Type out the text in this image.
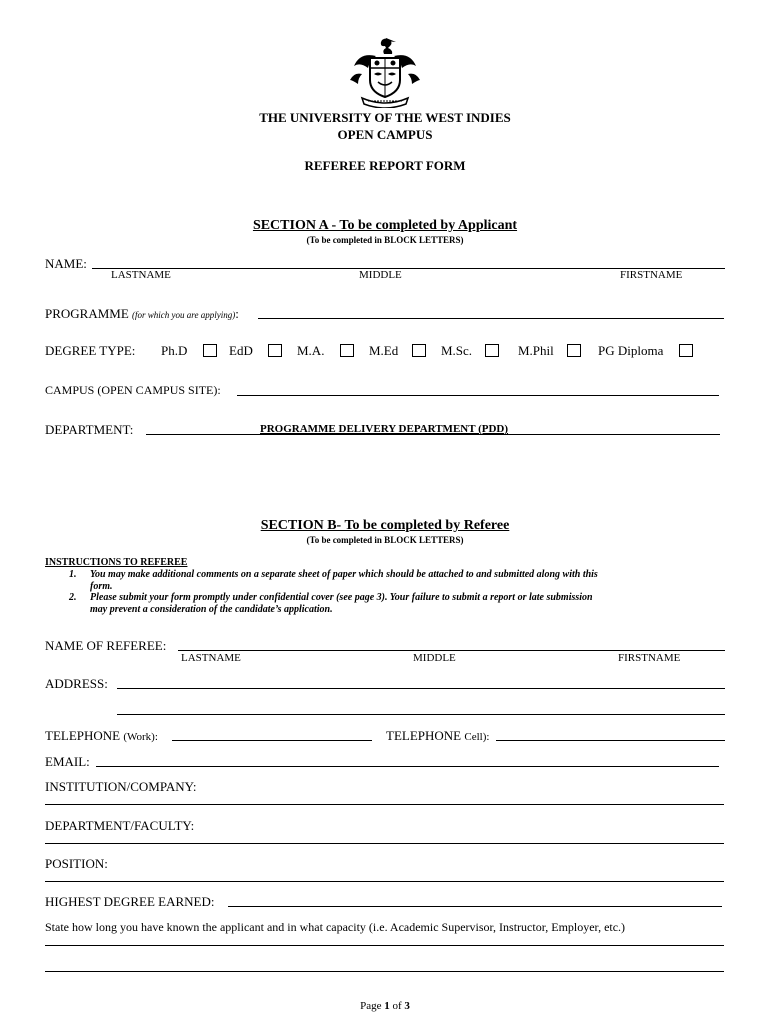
THE UNIVERSITY OF THE WEST INDIES
OPEN CAMPUS
REFEREE REPORT FORM
SECTION A - To be completed by Applicant
(To be completed in BLOCK LETTERS)
NAME:
LASTNAME	MIDDLE	FIRSTNAME
PROGRAMME (for which you are applying):
DEGREE TYPE: Ph.D	EdD	M.A.	M.Ed	M.Sc.	M.Phil	PG Diploma
CAMPUS (OPEN CAMPUS SITE):
DEPARTMENT:	PROGRAMME DELIVERY DEPARTMENT (PDD)
SECTION B- To be completed by Referee
(To be completed in BLOCK LETTERS)
INSTRUCTIONS TO REFEREE
1. You may make additional comments on a separate sheet of paper which should be attached to and submitted along with this
form.
2. Please submit your form promptly under confidential cover (see page 3). Your failure to submit a report or late submission
may prevent a consideration of the candidate’s application.
NAME OF REFEREE:
LASTNAME	MIDDLE	FIRSTNAME
ADDRESS:
TELEPHONE (Work):	TELEPHONE Cell):
EMAIL:
INSTITUTION/COMPANY:
DEPARTMENT/FACULTY:
POSITION:
HIGHEST DEGREE EARNED:
State how long you have known the applicant and in what capacity (i.e. Academic Supervisor, Instructor, Employer, etc.)
Page 1 of 3
